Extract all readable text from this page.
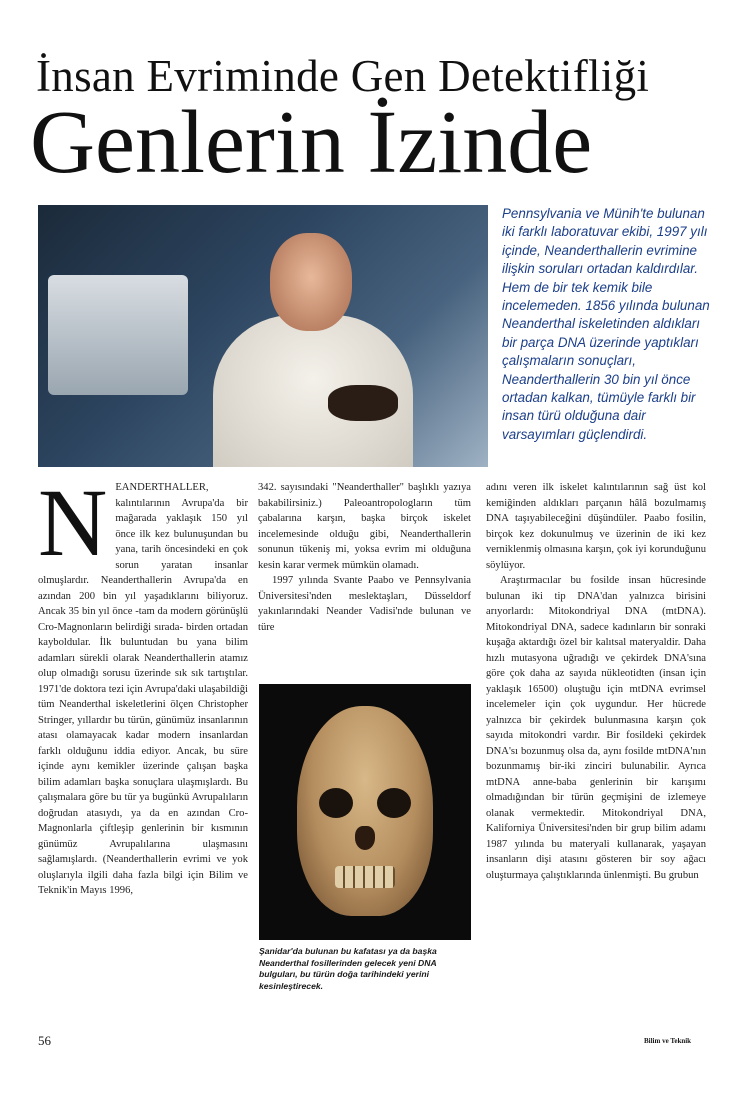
İnsan Evriminde Gen Detektifliği
Genlerin İzinde
Pennsylvania ve Münih'te bulunan iki farklı laboratuvar ekibi, 1997 yılı içinde, Neanderthallerin evrimine ilişkin soruları ortadan kaldırdılar. Hem de bir tek kemik bile incelemeden. 1856 yılında bulunan Neanderthal iskeletinden aldıkları bir parça DNA üzerinde yaptıkları çalışmaların sonuçları, Neanderthallerin 30 bin yıl önce ortadan kalkan, tümüyle farklı bir insan türü olduğuna dair varsayımları güçlendirdi.
N EANDERTHALLER, kalıntılarının Avrupa'da bir mağarada yaklaşık 150 yıl önce ilk kez bulunuşundan bu yana, tarih öncesindeki en çok sorun yaratan insanlar olmuşlardır. Neanderthallerin Avrupa'da en azından 200 bin yıl yaşadıklarını biliyoruz. Ancak 35 bin yıl önce -tam da modern görünüşlü Cro-Magnonların belirdiği sırada- birden ortadan kayboldular. İlk buluntudan bu yana bilim adamları sürekli olarak Neanderthallerin atamız olup olmadığı sorusu üzerinde sık sık tartıştılar. 1971'de doktora tezi için Avrupa'daki ulaşabildiği tüm Neanderthal iskeletlerini ölçen Christopher Stringer, yıllardır bu türün, günümüz insanlarının atası olamayacak kadar modern insanlardan farklı olduğunu iddia ediyor. Ancak, bu süre içinde aynı kemikler üzerinde çalışan başka bilim adamları başka sonuçlara ulaşmışlardı. Bu çalışmalara göre bu tür ya bugünkü Avrupalıların doğrudan atasıydı, ya da en azından Cro-Magnonlarla çiftleşip genlerinin bir kısmının günümüz Avrupalılarına ulaşmasını sağlamışlardı. (Neanderthallerin evrimi ve yok oluşlarıyla ilgili daha fazla bilgi için Bilim ve Teknik'in Mayıs 1996,

342. sayısındaki "Neanderthaller" başlıklı yazıya bakabilirsiniz.) Paleoantropologların tüm çabalarına karşın, başka birçok iskelet incelemesinde olduğu gibi, Neanderthallerin sonunun tükeniş mi, yoksa evrim mi olduğuna kesin karar vermek mümkün olamadı.

1997 yılında Svante Paabo ve Pennsylvania Üniversitesi'nden meslektaşları, Düsseldorf yakınlarındaki Neander Vadisi'nde bulunan ve türe

Şanidar'da bulunan bu kafatası ya da başka Neanderthal fosillerinden gelecek yeni DNA bulguları, bu türün doğa tarihindeki yerini kesinleştirecek.

adını veren ilk iskelet kalıntılarının sağ üst kol kemiğinden aldıkları parçanın hâlâ bozulmamış DNA taşıyabileceğini düşündüler. Paabo fosilin, birçok kez dokunulmuş ve üzerinin de iki kez verniklenmiş olmasına karşın, çok iyi korunduğunu söylüyor.

Araştırmacılar bu fosilde insan hücresinde bulunan iki tip DNA'dan yalnızca birisini arıyorlardı: Mitokondriyal DNA (mtDNA). Mitokondriyal DNA, sadece kadınların bir sonraki kuşağa aktardığı özel bir kalıtsal materyaldir. Daha hızlı mutasyona uğradığı ve çekirdek DNA'sına göre çok daha az sayıda nükleotidten (insan için yaklaşık 16500) oluştuğu için mtDNA evrimsel incelemeler için çok uygundur. Her hücrede yalnızca bir çekirdek bulunmasına karşın çok sayıda mitokondri vardır. Bir fosildeki çekirdek DNA'sı bozunmuş olsa da, aynı fosilde mtDNA'nın bozunmamış bir-iki zinciri bulunabilir. Ayrıca mtDNA anne-baba genlerinin bir karışımı olmadığından bir türün geçmişini de izlemeye olanak vermektedir. Mitokondriyal DNA, Kaliforniya Üniversitesi'nden bir grup bilim adamı 1987 yılında bu materyali kullanarak, yaşayan insanların dişi atasını gösteren bir soy ağacı oluşturmaya çalıştıklarında ünlenmişti. Bu grubun

56	Bilim ve Teknik
